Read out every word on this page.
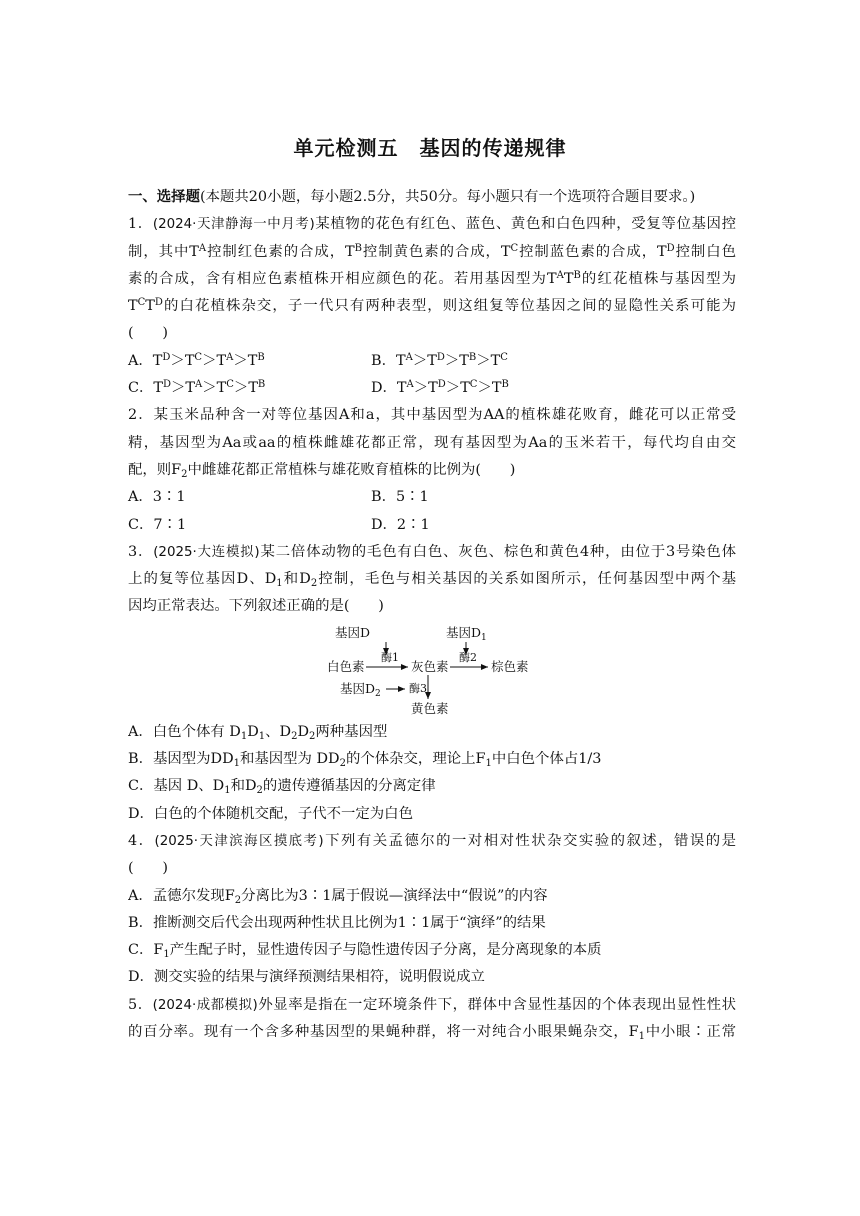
单元检测五　基因的传递规律
一、选择题(本题共20小题，每小题2.5分，共50分。每小题只有一个选项符合题目要求。)
1．(2024·天津静海一中月考)某植物的花色有红色、蓝色、黄色和白色四种，受复等位基因控
制，其中$T^A$控制红色素的合成，$T^B$控制黄色素的合成，$T^C$控制蓝色素的合成，$T^D$控制白色
素的合成，含有相应色素植株开相应颜色的花。若用基因型为$T^AT^B$的红花植株与基因型为
$T^CT^D$的白花植株杂交，子一代只有两种表型，则这组复等位基因之间的显隐性关系可能为
(　　)
A．$T^D>T^C>T^A>T^B$	B．$T^A>T^D>T^B>T^C$
C．$T^D>T^A>T^C>T^B$	D．$T^A>T^D>T^C>T^B$
2．某玉米品种含一对等位基因A和a，其中基因型为AA的植株雄花败育，雌花可以正常受
精，基因型为Aa或aa的植株雌雄花都正常，现有基因型为Aa的玉米若干，每代均自由交
配，则$F_2$中雌雄花都正常植株与雄花败育植株的比例为(　　)
A．3∶1	B．5∶1
C．7∶1	D．2∶1
3．(2025·大连模拟)某二倍体动物的毛色有白色、灰色、棕色和黄色4种，由位于3号染色体
上的复等位基因D、$D_1$和$D_2$控制，毛色与相关基因的关系如图所示，任何基因型中两个基
因均正常表达。下列叙述正确的是(　　)
基因D	基因$D_1$
白色素	灰色素	棕色素
酶1	酶2
酶3
基因$D_2$
黄色素
A．白色个体有 $D_1D_1$、$D_2D_2$两种基因型
B．基因型为$DD_1$和基因型为 $DD_2$的个体杂交，理论上$F_1$中白色个体占1/3
C．基因 D、$D_1$和$D_2$的遗传遵循基因的分离定律
D．白色的个体随机交配，子代不一定为白色
4．(2025·天津滨海区摸底考)下列有关孟德尔的一对相对性状杂交实验的叙述，错误的是
(　　)
A．孟德尔发现$F_2$分离比为3∶1属于假说—演绎法中“假说”的内容
B．推断测交后代会出现两种性状且比例为1∶1属于“演绎”的结果
C．$F_1$产生配子时，显性遗传因子与隐性遗传因子分离，是分离现象的本质
D．测交实验的结果与演绎预测结果相符，说明假说成立
5．(2024·成都模拟)外显率是指在一定环境条件下，群体中含显性基因的个体表现出显性性状
的百分率。现有一个含多种基因型的果蝇种群，将一对纯合小眼果蝇杂交，$F_1$中小眼∶正常
